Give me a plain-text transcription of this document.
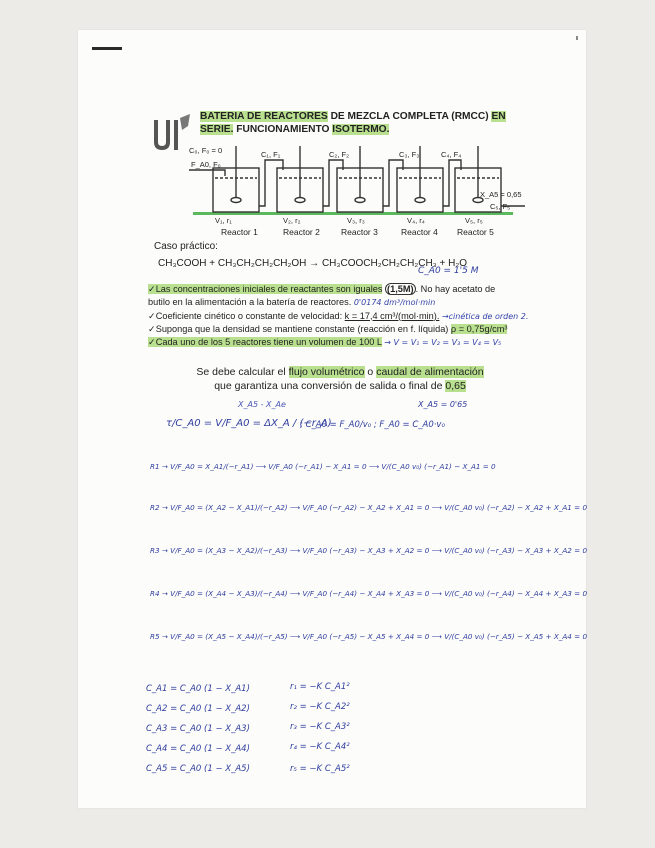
BATERIA DE REACTORES DE MEZCLA COMPLETA (RMCC) EN
SERIE. FUNCIONAMIENTO ISOTERMO.
C₀, F₀ = 0
F_A0, F₀
C₁, F₁	C₂, F₂	C₃, F₃	C₄, F₄
X_A5 = 0,65
C₅, F₅
V₁, r₁	V₂, r₂	V₃, r₃	V₄, r₄	V₅, r₅
Reactor 1	Reactor 2 Reactor 3	Reactor 4 Reactor 5
Caso práctico:
CH₃COOH + CH₃CH₂CH₂CH₂OH → CH₃COOCH₂CH₂CH₂CH₃ + H₂O
C_A0 = 1'5 M
✓Las concentraciones iniciales de reactantes son iguales (1,5M) . No hay acetato de
butilo en la alimentación a la batería de reactores. 0'0174 dm³/mol·min
✓Coeficiente cinético o constante de velocidad: k = 17,4 cm³/(mol·min). →cinética de orden 2.
✓Suponga que la densidad se mantiene constante (reacción en f. líquida) ρ = 0,75g/cm³
✓Cada uno de los 5 reactores tiene un volumen de 100 L → V = V₁ = V₂ = V₃ = V₄ = V₅
Se debe calcular el flujo volumétrico o caudal de alimentación
que garantiza una conversión de salida o final de 0,65
X_A5 = 0'65
X_A5 - X_Ae
τ/C_A0 = V/F_A0 = ΔX_A / (−r_A)
; C_A0 = F_A0/v₀ ; F_A0 = C_A0·v₀
R1 → V/F_A0 = X_A1/(−r_A1) ⟶ V/F_A0 (−r_A1) − X_A1 = 0 ⟶ V/(C_A0 v₀) (−r_A1) − X_A1 = 0
R2 → V/F_A0 = (X_A2 − X_A1)/(−r_A2) ⟶ V/F_A0 (−r_A2) − X_A2 + X_A1 = 0 ⟶ V/(C_A0 v₀) (−r_A2) − X_A2 + X_A1 = 0
R3 → V/F_A0 = (X_A3 − X_A2)/(−r_A3) ⟶ V/F_A0 (−r_A3) − X_A3 + X_A2 = 0 ⟶ V/(C_A0 v₀) (−r_A3) − X_A3 + X_A2 = 0
R4 → V/F_A0 = (X_A4 − X_A3)/(−r_A4) ⟶ V/F_A0 (−r_A4) − X_A4 + X_A3 = 0 ⟶ V/(C_A0 v₀) (−r_A4) − X_A4 + X_A3 = 0
R5 → V/F_A0 = (X_A5 − X_A4)/(−r_A5) ⟶ V/F_A0 (−r_A5) − X_A5 + X_A4 = 0 ⟶ V/(C_A0 v₀) (−r_A5) − X_A5 + X_A4 = 0
C_A1 = C_A0 (1 − X_A1)
C_A2 = C_A0 (1 − X_A2)
C_A3 = C_A0 (1 − X_A3)
C_A4 = C_A0 (1 − X_A4)
C_A5 = C_A0 (1 − X_A5)
r₁ = −K C_A1²
r₂ = −K C_A2²
r₃ = −K C_A3²
r₄ = −K C_A4²
r₅ = −K C_A5²
